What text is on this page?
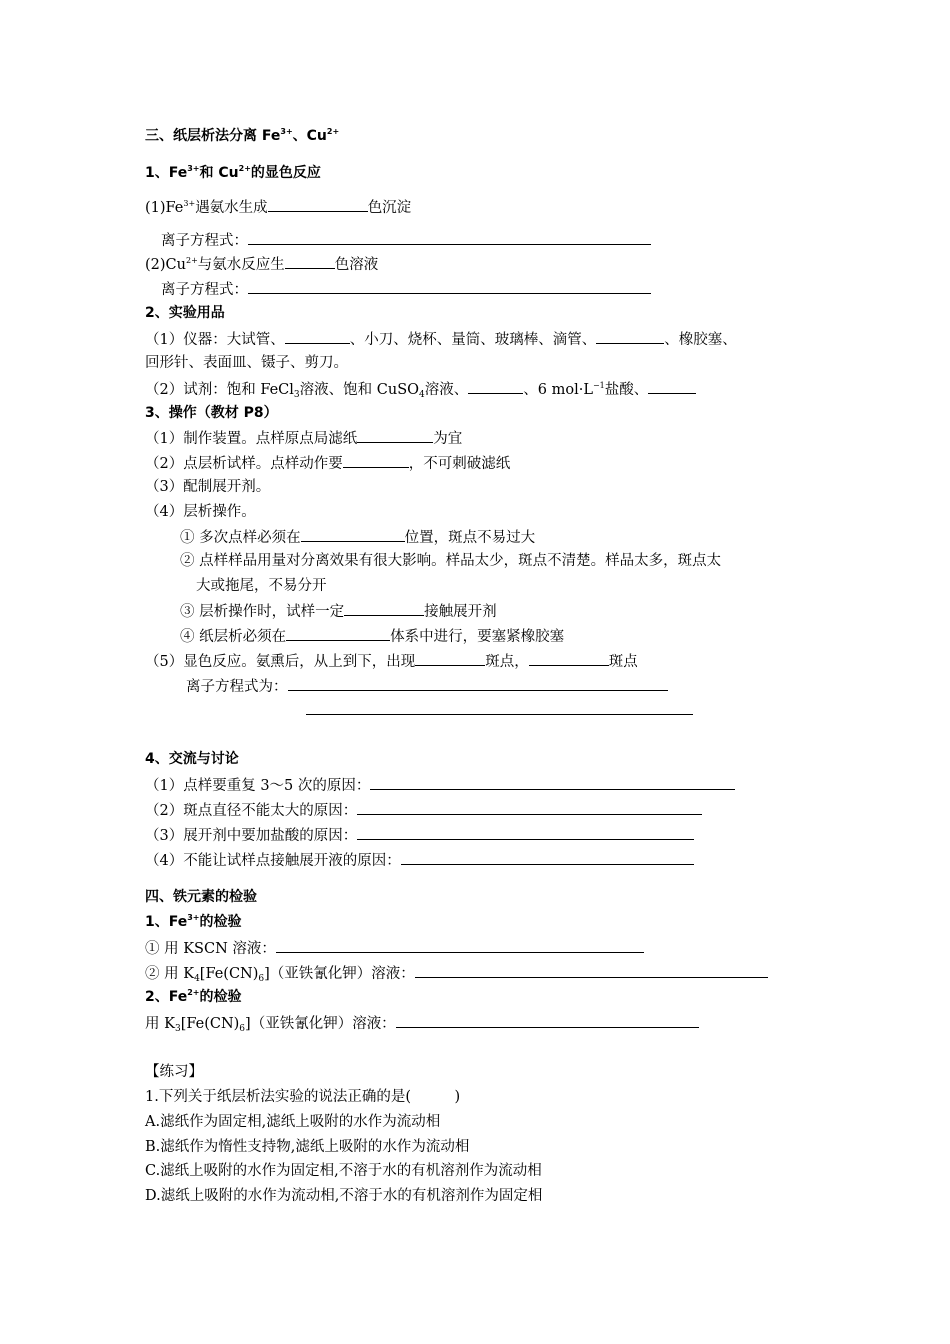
三、纸层析法分离 $Fe^{3+}$、$Cu^{2+}$
1、$Fe^{3+}$和 $Cu^{2+}$的显色反应
$(1)Fe^{3+}$遇氨水生成	色沉淀
离子方程式：
$(2)Cu^{2+}$与氨水反应生	色溶液
离子方程式：
2、实验用品
（1）仪器：大试管、	、小刀、烧杯、量筒、玻璃棒、滴管、	、橡胶塞、
回形针、表面皿、镊子、剪刀。
（2）试剂：饱和 FeCl$_3$溶液、饱和 CuSO$_4$溶液、	、6 $mol\cdot L^{-1}$盐酸、
3、操作（教材 P8）
（1）制作装置。点样原点局滤纸	为宜
（2）点层析试样。点样动作要	，不可刺破滤纸
（3）配制展开剂。
（4）层析操作。
① 多次点样必须在	位置，斑点不易过大
② 点样样品用量对分离效果有很大影响。样品太少，斑点不清楚。样品太多，斑点太
大或拖尾，不易分开
③ 层析操作时，试样一定	接触展开剂
④ 纸层析必须在	体系中进行，要塞紧橡胶塞
（5）显色反应。氨熏后，从上到下，出现	斑点，	斑点
离子方程式为：
4、交流与讨论
（1）点样要重复 3～5 次的原因：
（2）斑点直径不能太大的原因：
（3）展开剂中要加盐酸的原因：
（4）不能让试样点接触展开液的原因：
四、铁元素的检验
1、$Fe^{3+}$的检验
① 用 KSCN 溶液：
② 用 $K_4[Fe(CN)_6]$（亚铁氰化钾）溶液：
2、$Fe^{2+}$的检验
用 $K_3[Fe(CN)_6]$（亚铁氰化钾）溶液：
【练习】
1.下列关于纸层析法实验的说法正确的是(　　　)
A.滤纸作为固定相,滤纸上吸附的水作为流动相
B.滤纸作为惰性支持物,滤纸上吸附的水作为流动相
C.滤纸上吸附的水作为固定相,不溶于水的有机溶剂作为流动相
D.滤纸上吸附的水作为流动相,不溶于水的有机溶剂作为固定相
